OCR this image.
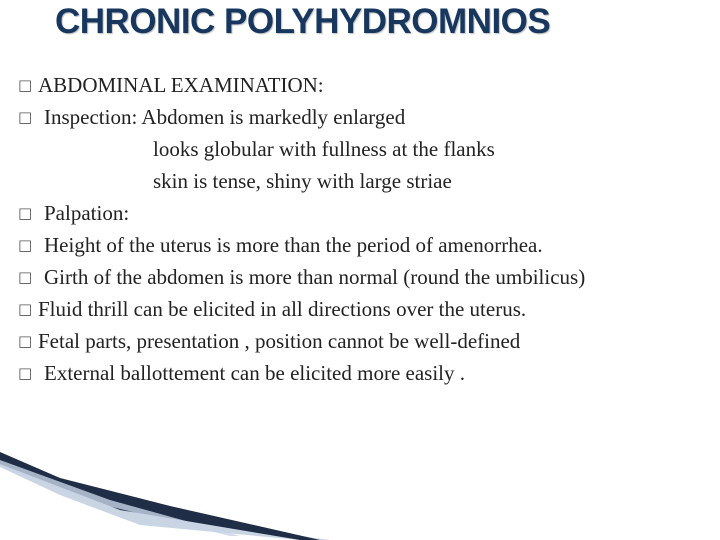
CHRONIC POLYHYDROMNIOS
□ ABDOMINAL EXAMINATION:
□ Inspection: Abdomen is markedly enlarged
looks globular with fullness at the flanks
skin is tense, shiny with large striae
□ Palpation:
□ Height of the uterus is more than the period of amenorrhea.
□ Girth of the abdomen is more than normal (round the umbilicus)
□ Fluid thrill can be elicited in all directions over the uterus.
□ Fetal parts, presentation , position cannot be well-defined
□ External ballottement can be elicited more easily .
